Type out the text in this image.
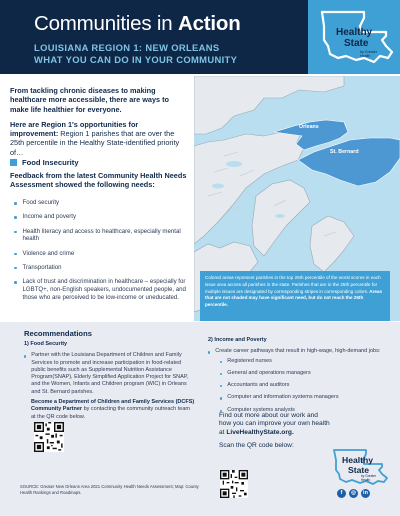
Communities in Action
LOUISIANA REGION 1: NEW ORLEANS
WHAT YOU CAN DO IN YOUR COMMUNITY
Healthy
State
by Greater
Health

From tackling chronic diseases to making healthcare more accessible, there are ways to make life healthier for everyone.

Here are Region 1's opportunities for improvement: Region 1 parishes that are over the 25th percentile in the Healthy State-identified priority of…

Food Insecurity
Feedback from the latest Community Health Needs Assessment showed the following needs:
Food security
Income and poverty
Health literacy and access to healthcare, especially mental health
Violence and crime
Transportation
Lack of trust and discrimination in healthcare – especially for LGBTQ+, non-English speakers, undocumented people, and those who are perceived to be low-income or uneducated.
Orleans
St. Bernard
Colored areas represent parishes in the top 25th percentile of the worst scores in each issue area across all parishes in the state. Parishes that are in the 25th percentile for multiple issues are designated by corresponding stripes in corresponding colors. Areas that are not shaded may have significant need, but do not reach the 25th percentile.
Recommendations
1) Food Security
Partner with the Louisiana Department of Children and Family Services to promote and increase participation in food-related public benefits such as Supplemental Nutrition Assistance Program(SNAP), Elderly Simplified Application Project for SNAP, and the Women, Infants and Children program (WIC) in Orleans and St. Bernard parishes.
Become a Department of Children and Family Services (DCFS) Community Partner by contacting the community outreach team at the QR code below.
2) Income and Poverty
Create career pathways that result in high-wage, high-demand jobs:
Registered nurses
General and operations managers
Accountants and auditors
Computer and information systems managers
Computer systems analysts
SOURCE: Greater New Orleans Area 2021 Community Health Needs Assessment; Map: County Health Rankings and Roadmaps.
Find out more about our work and how you can improve your own health at LiveHealthyState.org.
Scan the QR code below:
Healthy
State
by Greater
Health
f	◎	in
